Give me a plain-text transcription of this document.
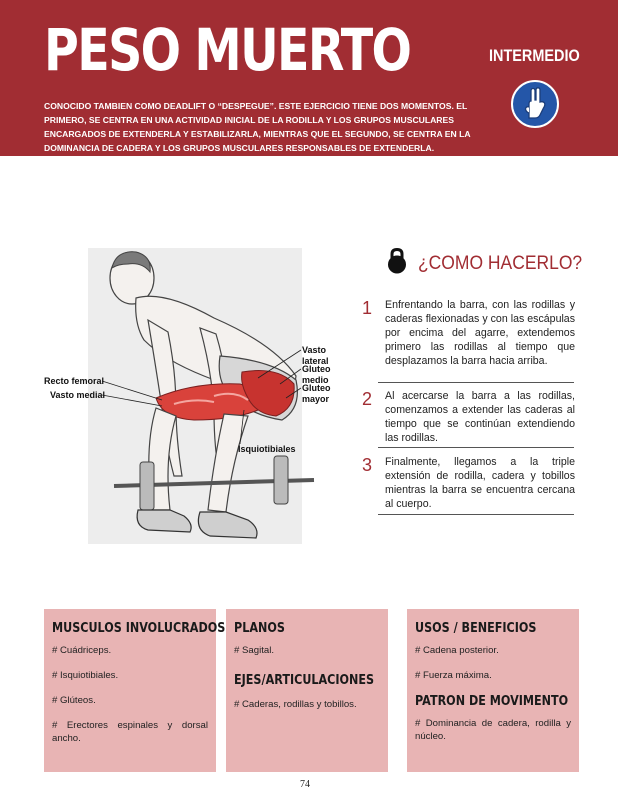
PESO MUERTO	INTERMEDIO

CONOCIDO TAMBIEN COMO DEADLIFT O “DESPEGUE”. ESTE EJERCICIO TIENE DOS MOMENTOS. EL PRIMERO, SE CENTRA EN UNA ACTIVIDAD INICIAL DE LA RODILLA Y LOS GRUPOS MUSCULARES ENCARGADOS DE EXTENDERLA Y ESTABILIZARLA, MIENTRAS QUE EL SEGUNDO, SE CENTRA EN LA DOMINANCIA DE CADERA Y LOS GRUPOS MUSCULARES RESPONSABLES DE EXTENDERLA.

Vasto lateral
Gluteo medio
Gluteo
mayor
Recto femoral
Vasto medial
Isquiotibiales
¿COMO HACERLO?
1 Enfrentando la barra, con las rodillas y caderas flexionadas y con las escápulas por encima del agarre, extendemos primero las rodillas al tiempo que desplazamos la barra hacia arriba.
2 Al acercarse la barra a las rodillas, comenzamos a extender las caderas al tiempo que se continúan extendiendo las rodillas.
3 Finalmente, llegamos a la triple extensión de rodilla, cadera y tobillos mientras la barra se encuentra cercana al cuerpo.
MUSCULOS INVOLUCRADOS
# Cuádriceps.
# Isquiotibiales.
# Glúteos.
# Erectores espinales y dorsal ancho.
PLANOS
# Sagital.
EJES/ARTICULACIONES
# Caderas, rodillas y tobillos.
USOS / BENEFICIOS
# Cadena posterior.
# Fuerza máxima.
PATRON DE MOVIMENTO
# Dominancia de cadera, rodilla y núcleo.
74
